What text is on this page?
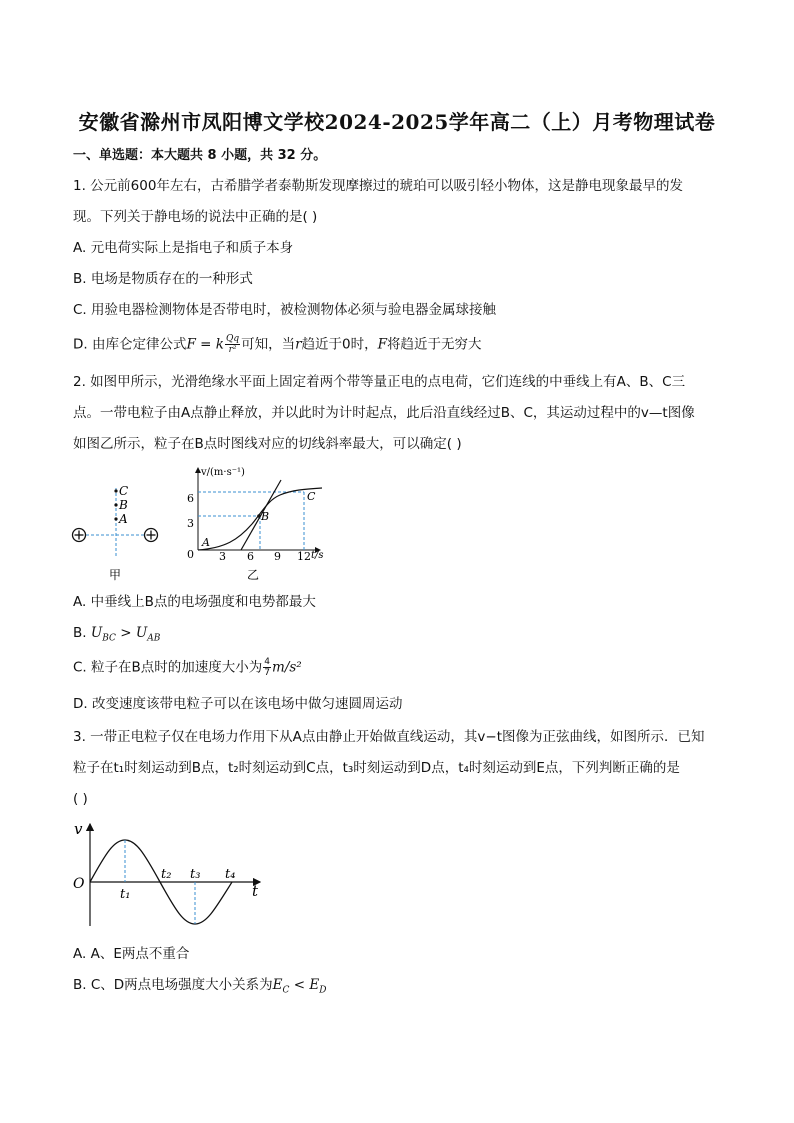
安徽省滁州市凤阳博文学校2024-2025学年高二（上）月考物理试卷
一、单选题：本大题共 8 小题，共 32 分。
1. 公元前600年左右，古希腊学者泰勒斯发现摩擦过的琥珀可以吸引轻小物体，这是静电现象最早的发
现。下列关于静电场的说法中正确的是( )
A. 元电荷实际上是指电子和质子本身
B. 电场是物质存在的一种形式
C. 用验电器检测物体是否带电时，被检测物体必须与验电器金属球接触
D. 由库仑定律公式F = k $\frac{Qq}{\text{r²}}$ 可知，当r趋近于0时，F将趋近于无穷大
2. 如图甲所示，光滑绝缘水平面上固定着两个带等量正电的点电荷，它们连线的中垂线上有A、B、C三
点。一带电粒子由A点静止释放，并以此时为计时起点，此后沿直线经过B、C，其运动过程中的v—t图像
如图乙所示，粒子在B点时图线对应的切线斜率最大，可以确定( )
C
B
A
甲
v/(m·s⁻¹)
t/s
6
3
0 3 6 9 12
A
B
C
乙
A. 中垂线上B点的电场强度和电势都最大
B. $U_{BC} > U_{AB}$
C. 粒子在B点时的加速度大小为 $\frac{4}{7} m/s^2$
D. 改变速度该带电粒子可以在该电场中做匀速圆周运动
3. 一带正电粒子仅在电场力作用下从A点由静止开始做直线运动，其v−t图像为正弦曲线，如图所示．已知
粒子在t₁时刻运动到B点，t₂时刻运动到C点，t₃时刻运动到D点，t₄时刻运动到E点，下列判断正确的是
( )
v
t
O
t₁
t₂ t₃ t₄
A. A、E两点不重合
B. C、D两点电场强度大小关系为$E_C < E_D$
